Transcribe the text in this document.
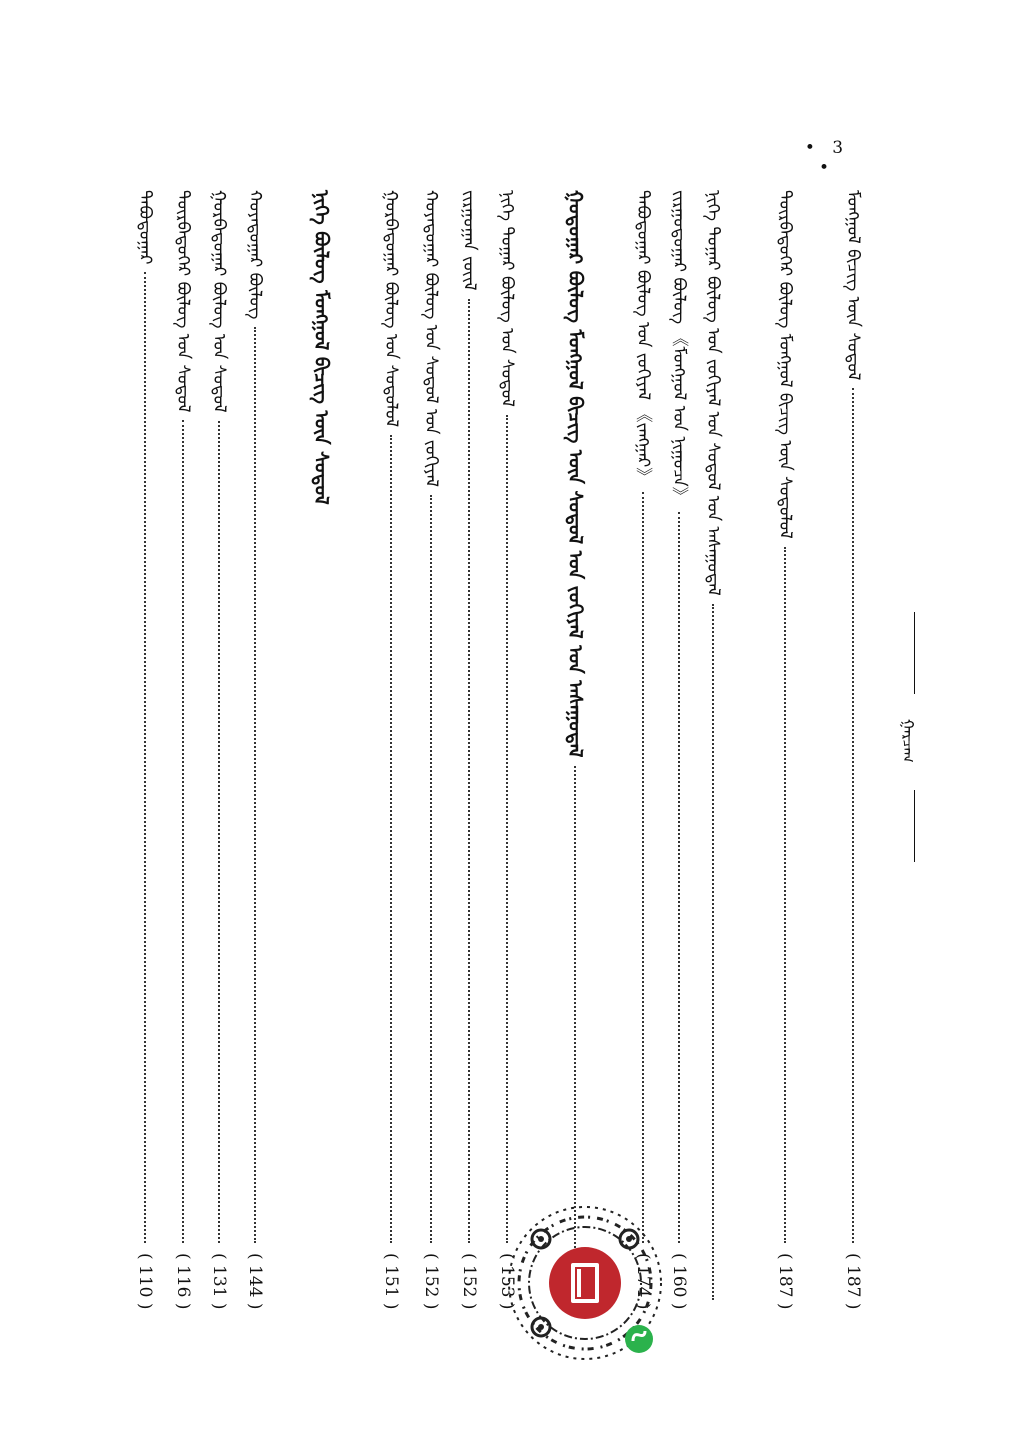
• 3 •
ᠭᠠᠷᠴᠠᠭ
ᠮᠣᠩᠭᠣᠯ ᠪᠢᠴᠢᠭ᠌ ᠦᠨ ᠰᠤᠳᠤᠯ
( 187 )
ᠳᠥᠷᠪᠡᠳᠦᠭᠡᠷ ᠪᠦᠯᠦᠭ ᠮᠣᠩᠭᠣᠯ ᠪᠢᠴᠢᠭ᠌ ᠦᠨ ᠰᠤᠳᠤᠯᠤᠯ
( 187 )
ᠨᠢᠭᠡ ᠳᠤᠭᠠᠷ ᠪᠦᠯᠦᠭ ᠤᠨ ᠵᠣᠬᠢᠶᠠᠯ ᠤᠨ ᠰᠤᠳᠤᠯ ᠤᠨ ᠠᠰᠠᠭᠤᠳᠠᠯ
ᠵᠢᠷᠭᠤᠳᠤᠭᠠᠷ ᠪᠦᠯᠦᠭ 《ᠮᠣᠩᠭᠣᠯ ᠤᠨ ᠨᠢᠭᠤᠴᠠ》
( 160 )
ᠲᠠᠪᠤᠳᠤᠭᠠᠷ ᠪᠦᠯᠦᠭ ᠤᠨ ᠵᠣᠬᠢᠶᠠᠯ 《ᠵᠠᠩᠭᠠᠷ》
( 174 )
ᠭᠤᠳᠤᠭᠠᠷ ᠪᠦᠯᠦᠭ ᠮᠣᠩᠭᠣᠯ ᠪᠢᠴᠢᠭ᠌ ᠦᠨ ᠰᠤᠳᠤᠯ ᠤᠨ ᠵᠣᠬᠢᠶᠠᠯ ᠤᠨ ᠠᠰᠠᠭᠤᠳᠠᠯ
ᠨᠢᠭᠡ ᠳᠤᠭᠠᠷ ᠪᠦᠯᠦᠭ ᠤᠨ ᠰᠤᠳᠤᠯ
( 153 )
ᠵᠢᠷᠭᠤᠭᠠᠨ ᠵᠦᠢᠯ
( 152 )
ᠬᠣᠶᠠᠳᠤᠭᠠᠷ ᠪᠦᠯᠦᠭ ᠤᠨ ᠰᠤᠳᠤᠯ ᠤᠨ ᠵᠣᠬᠢᠶᠠᠯ
( 152 )
ᠭᠤᠷᠪᠠᠳᠤᠭᠠᠷ ᠪᠦᠯᠦᠭ ᠤᠨ ᠰᠤᠳᠤᠯᠤᠯ
( 151 )
ᠨᠢᠭᠡ ᠪᠦᠯᠦᠭ ᠮᠣᠩᠭᠣᠯ ᠪᠢᠴᠢᠭ᠌ ᠦᠨ ᠰᠤᠳᠤᠯ
ᠬᠣᠶᠠᠳᠤᠭᠠᠷ ᠪᠦᠯᠦᠭ
( 144 )
ᠭᠤᠷᠪᠠᠳᠤᠭᠠᠷ ᠪᠦᠯᠦᠭ ᠤᠨ ᠰᠤᠳᠤᠯ
( 131 )
ᠳᠥᠷᠪᠡᠳᠦᠭᠡᠷ ᠪᠦᠯᠦᠭ ᠤᠨ ᠰᠤᠳᠤᠯ
( 116 )
ᠲᠠᠪᠤᠳᠤᠭᠠᠷ
( 110 )
